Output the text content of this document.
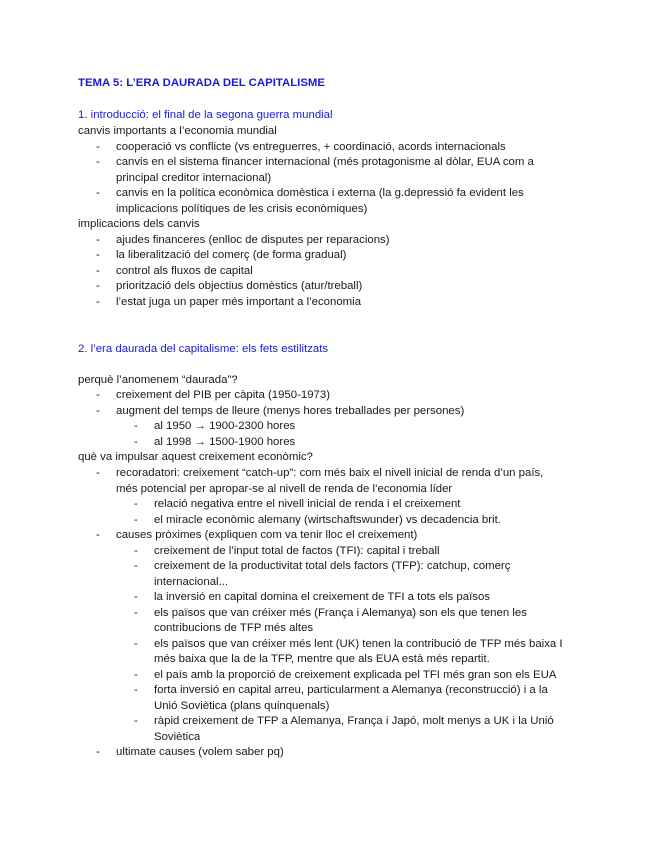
TEMA 5: L’ERA DAURADA DEL CAPITALISME
1. introducció: el final de la segona guerra mundial
canvis importants a l’economia mundial
- cooperació vs conflicte (vs entreguerres, + coordinació, acords internacionals
- canvis en el sistema financer internacional (més protagonisme al dòlar, EUA com a
principal creditor internacional)
- canvis en la política econòmica domèstica i externa (la g.depressió fa evident les
implicacions polítiques de les crisis econòmiques)
implicacions dels canvis
- ajudes financeres (enlloc de disputes per reparacions)
- la liberalització del comerç (de forma gradual)
- control als fluxos de capital
- priorització dels objectius domèstics (atur/treball)
- l’estat juga un paper més important a l’economia
2. l’era daurada del capitalisme: els fets estilitzats
perquè l’anomenem “daurada”?
- creixement del PIB per càpita (1950-1973)
- augment del temps de lleure (menys hores treballades per persones)
- al 1950 → 1900-2300 hores
- al 1998 → 1500-1900 hores
què va impulsar aquest creixement econòmic?
- recoradatori: creixement “catch-up”: com més baix el nivell inicial de renda d’un país,
més potencial per apropar-se al nivell de renda de l’economia líder
- relació negativa entre el nivell inicial de renda i el creixement
- el miracle econòmic alemany (wirtschaftswunder) vs decadencia brit.
- causes pròximes (expliquen com va tenir lloc el creixement)
- creixement de l’input total de factos (TFI): capital i treball
- creixement de la productivitat total dels factors (TFP): catchup, comerç
internacional...
- la inversió en capital domina el creixement de TFI a tots els països
- els països que van créixer més (França i Alemanya) son els que tenen les
contribucions de TFP més altes
- els països que van créixer més lent (UK) tenen la contribució de TFP més baixa I
més baixa que la de la TFP, mentre que als EUA està més repartit.
- el país amb la proporció de creixement explicada pel TFI més gran son els EUA
- forta inversió en capital arreu, particularment a Alemanya (reconstrucció) i a la
Unió Soviètica (plans quinquenals)
- ràpid creixement de TFP a Alemanya, França i Japó, molt menys a UK i la Unió
Soviètica
- ultimate causes (volem saber pq)
